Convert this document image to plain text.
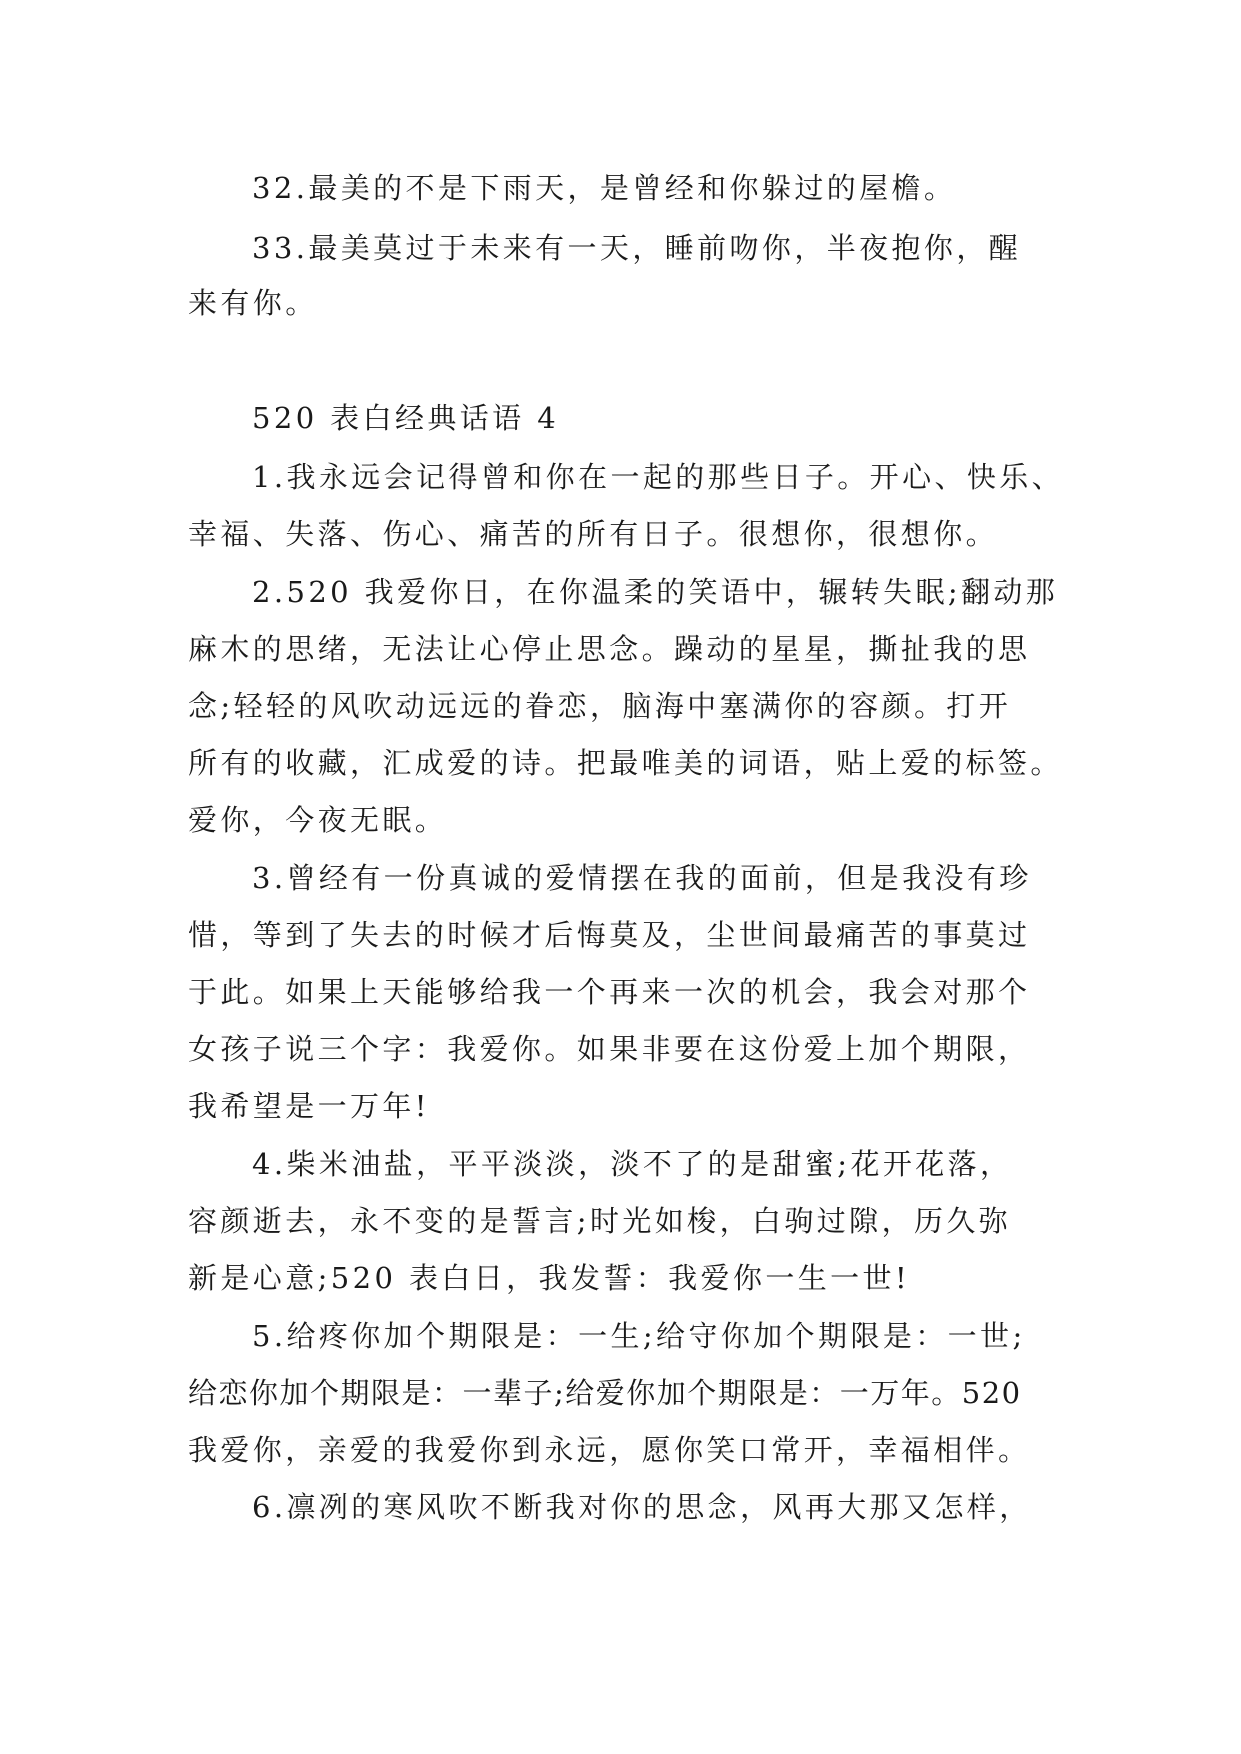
32.最美的不是下雨天，是曾经和你躲过的屋檐。
33.最美莫过于未来有一天，睡前吻你，半夜抱你，醒
来有你。
520 表白经典话语 4
1.我永远会记得曾和你在一起的那些日子。开心、快乐、
幸福、失落、伤心、痛苦的所有日子。很想你，很想你。
2.520 我爱你日，在你温柔的笑语中，辗转失眠;翻动那
麻木的思绪，无法让心停止思念。躁动的星星，撕扯我的思
念;轻轻的风吹动远远的眷恋，脑海中塞满你的容颜。打开
所有的收藏，汇成爱的诗。把最唯美的词语，贴上爱的标签。
爱你，今夜无眠。
3.曾经有一份真诚的爱情摆在我的面前，但是我没有珍
惜，等到了失去的时候才后悔莫及，尘世间最痛苦的事莫过
于此。如果上天能够给我一个再来一次的机会，我会对那个
女孩子说三个字：我爱你。如果非要在这份爱上加个期限，
我希望是一万年!
4.柴米油盐，平平淡淡，淡不了的是甜蜜;花开花落，
容颜逝去，永不变的是誓言;时光如梭，白驹过隙，历久弥
新是心意;520 表白日，我发誓：我爱你一生一世!
5.给疼你加个期限是：一生;给守你加个期限是：一世;
给恋你加个期限是：一辈子;给爱你加个期限是：一万年。520
我爱你，亲爱的我爱你到永远，愿你笑口常开，幸福相伴。
6.凛冽的寒风吹不断我对你的思念，风再大那又怎样，
